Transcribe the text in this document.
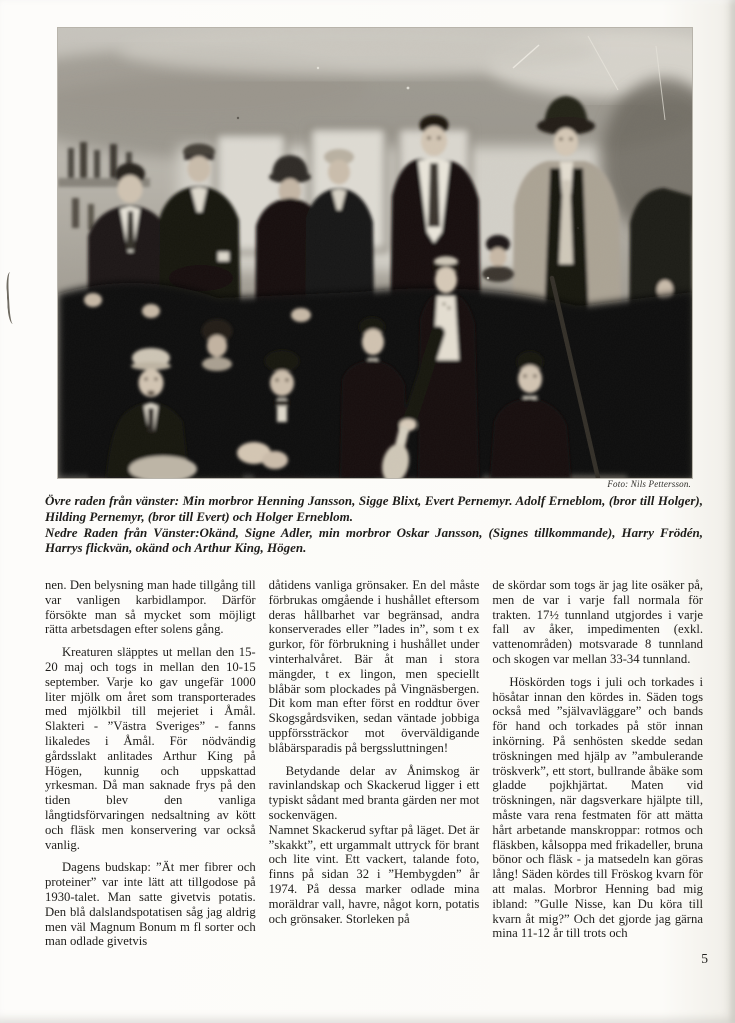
Foto: Nils Pettersson.

Övre raden från vänster: Min morbror Henning Jansson, Sigge Blixt, Evert Pernemyr. Adolf Erneblom, (bror till Holger), Hilding Pernemyr, (bror till Evert) och Holger Erneblom.

Nedre Raden från Vänster:Okänd, Signe Adler, min morbror Oskar Jansson, (Signes tillkommande), Harry Frödén, Harrys flickvän, okänd och Arthur King, Högen.

nen. Den belysning man hade tillgång till var vanligen karbidlampor. Därför försökte man så mycket som möjligt rätta arbetsdagen efter solens gång.

Kreaturen släpptes ut mellan den 15-20 maj och togs in mellan den 10-15 september. Varje ko gav ungefär 1000 liter mjölk om året som transporterades med mjölkbil till mejeriet i Åmål. Slakteri - ”Västra Sveriges” - fanns likaledes i Åmål. För nödvändig gårdsslakt anlitades Arthur King på Högen, kunnig och uppskattad yrkesman. Då man saknade frys på den tiden blev den vanliga långtidsförvaringen nedsaltning av kött och fläsk men konservering var också vanlig.

Dagens budskap: ”Ät mer fibrer och proteiner” var inte lätt att tillgodose på 1930-talet. Man satte givetvis potatis. Den blå dalslandspotatisen såg jag aldrig men väl Magnum Bonum m fl sorter och man odlade givetvis

dåtidens vanliga grönsaker. En del måste förbrukas omgående i hushållet eftersom deras hållbarhet var begränsad, andra konserverades eller ”lades in”, som t ex gurkor, för förbrukning i hushållet under vinterhalvåret. Bär åt man i stora mängder, t ex lingon, men speciellt blåbär som plockades på Vingnäsbergen. Dit kom man efter först en roddtur över Skogsgårdsviken, sedan väntade jobbiga uppförssträckor mot överväldigande blåbärsparadis på bergssluttningen!

Betydande delar av Ånimskog är ravinlandskap och Skackerud ligger i ett typiskt sådant med branta gärden ner mot sockenvägen.

Namnet Skackerud syftar på läget. Det är ”skakkt”, ett urgammalt uttryck för brant och lite vint. Ett vackert, talande foto, finns på sidan 32 i ”Hembygden” år 1974. På dessa marker odlade mina moräldrar vall, havre, något korn, potatis och grönsaker. Storleken på

de skördar som togs är jag lite osäker på, men de var i varje fall normala för trakten. 17½ tunnland utgjordes i varje fall av åker, impedimenten (exkl. vattenområden) motsvarade 8 tunnland och skogen var mellan 33-34 tunnland.

Höskörden togs i juli och torkades i hösåtar innan den kördes in. Säden togs också med ”självavläggare” och bands för hand och torkades på stör innan inkörning. På senhösten skedde sedan tröskningen med hjälp av ”ambulerande tröskverk”, ett stort, bullrande åbäke som gladde pojkhjärtat. Maten vid tröskningen, när dagsverkare hjälpte till, måste vara rena festmaten för att mätta hårt arbetande manskroppar: rotmos och fläskben, kålsoppa med frikadeller, bruna bönor och fläsk - ja matsedeln kan göras lång! Säden kördes till Fröskog kvarn för att malas. Morbror Henning bad mig ibland: ”Gulle Nisse, kan Du köra till kvarn åt mig?” Och det gjorde jag gärna mina 11-12 år till trots och

5
